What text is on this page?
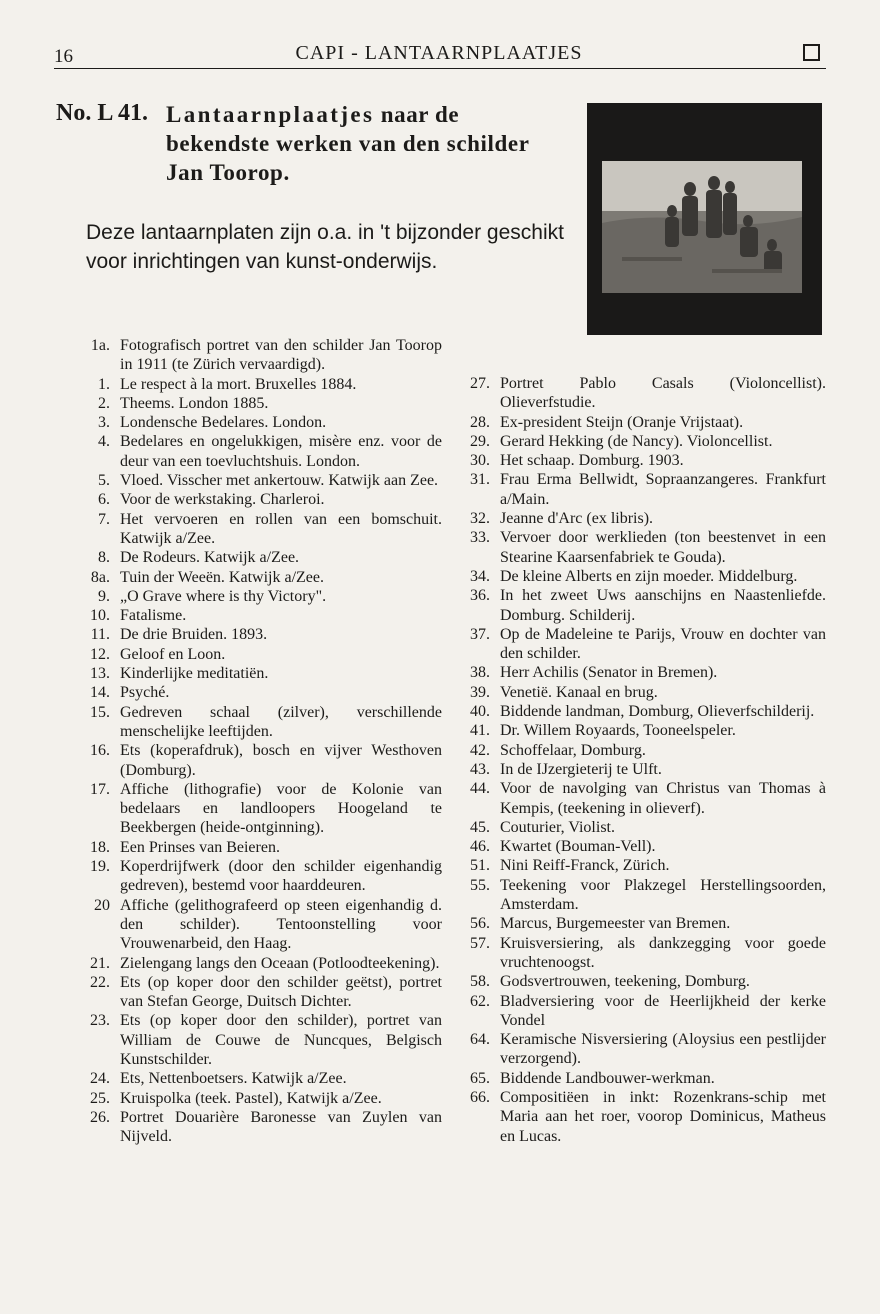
16	CAPI - LANTAARNPLAATJES
No. L 41. Lantaarnplaatjes naar de bekendste werken van den schilder Jan Toorop.
Deze lantaarnplaten zijn o.a. in 't bijzonder geschikt voor inrichtingen van kunst-onderwijs.
1a. Fotografisch portret van den schilder Jan Toorop in 1911 (te Zürich vervaardigd).
1. Le respect à la mort. Bruxelles 1884.
2. Theems. London 1885.
3. Londensche Bedelares. London.
4. Bedelares en ongelukkigen, misère enz. voor de deur van een toevluchtshuis. London.
5. Vloed. Visscher met ankertouw. Katwijk aan Zee.
6. Voor de werkstaking. Charleroi.
7. Het vervoeren en rollen van een bomschuit. Katwijk a/Zee.
8. De Rodeurs. Katwijk a/Zee.
8a. Tuin der Weeën. Katwijk a/Zee.
9. „O Grave where is thy Victory".
10. Fatalisme.
11. De drie Bruiden. 1893.
12. Geloof en Loon.
13. Kinderlijke meditatiën.
14. Psyché.
15. Gedreven schaal (zilver), verschillende menschelijke leeftijden.
16. Ets (koperafdruk), bosch en vijver Westhoven (Domburg).
17. Affiche (lithografie) voor de Kolonie van bedelaars en landloopers Hoogeland te Beekbergen (heide-ontginning).
18. Een Prinses van Beieren.
19. Koperdrijfwerk (door den schilder eigenhandig gedreven), bestemd voor haarddeuren.
20 Affiche (gelithografeerd op steen eigenhandig d. den schilder). Tentoonstelling voor Vrouwenarbeid, den Haag.
21. Zielengang langs den Oceaan (Potloodteekening).
22. Ets (op koper door den schilder geëtst), portret van Stefan George, Duitsch Dichter.
23. Ets (op koper door den schilder), portret van William de Couwe de Nuncques, Belgisch Kunstschilder.
24. Ets, Nettenboetsers. Katwijk a/Zee.
25. Kruispolka (teek. Pastel), Katwijk a/Zee.
26. Portret Douarière Baronesse van Zuylen van Nijveld.
27. Portret Pablo Casals (Violoncellist). Olieverfstudie.
28. Ex-president Steijn (Oranje Vrijstaat).
29. Gerard Hekking (de Nancy). Violoncellist.
30. Het schaap. Domburg. 1903.
31. Frau Erma Bellwidt, Sopraanzangeres. Frankfurt a/Main.
32. Jeanne d'Arc (ex libris).
33. Vervoer door werklieden (ton beestenvet in een Stearine Kaarsenfabriek te Gouda).
34. De kleine Alberts en zijn moeder. Middelburg.
36. In het zweet Uws aanschijns en Naastenliefde. Domburg. Schilderij.
37. Op de Madeleine te Parijs, Vrouw en dochter van den schilder.
38. Herr Achilis (Senator in Bremen).
39. Venetië. Kanaal en brug.
40. Biddende landman, Domburg, Olieverfschilderij.
41. Dr. Willem Royaards, Tooneelspeler.
42. Schoffelaar, Domburg.
43. In de IJzergieterij te Ulft.
44. Voor de navolging van Christus van Thomas à Kempis, (teekening in olieverf).
45. Couturier, Violist.
46. Kwartet (Bouman-Vell).
51. Nini Reiff-Franck, Zürich.
55. Teekening voor Plakzegel Herstellingsoorden, Amsterdam.
56. Marcus, Burgemeester van Bremen.
57. Kruisversiering, als dankzegging voor goede vruchtenoogst.
58. Godsvertrouwen, teekening, Domburg.
62. Bladversiering voor de Heerlijkheid der kerke Vondel
64. Keramische Nisversiering (Aloysius een pestlijder verzorgend).
65. Biddende Landbouwer-werkman.
66. Compositiëen in inkt: Rozenkrans-schip met Maria aan het roer, voorop Dominicus, Matheus en Lucas.
